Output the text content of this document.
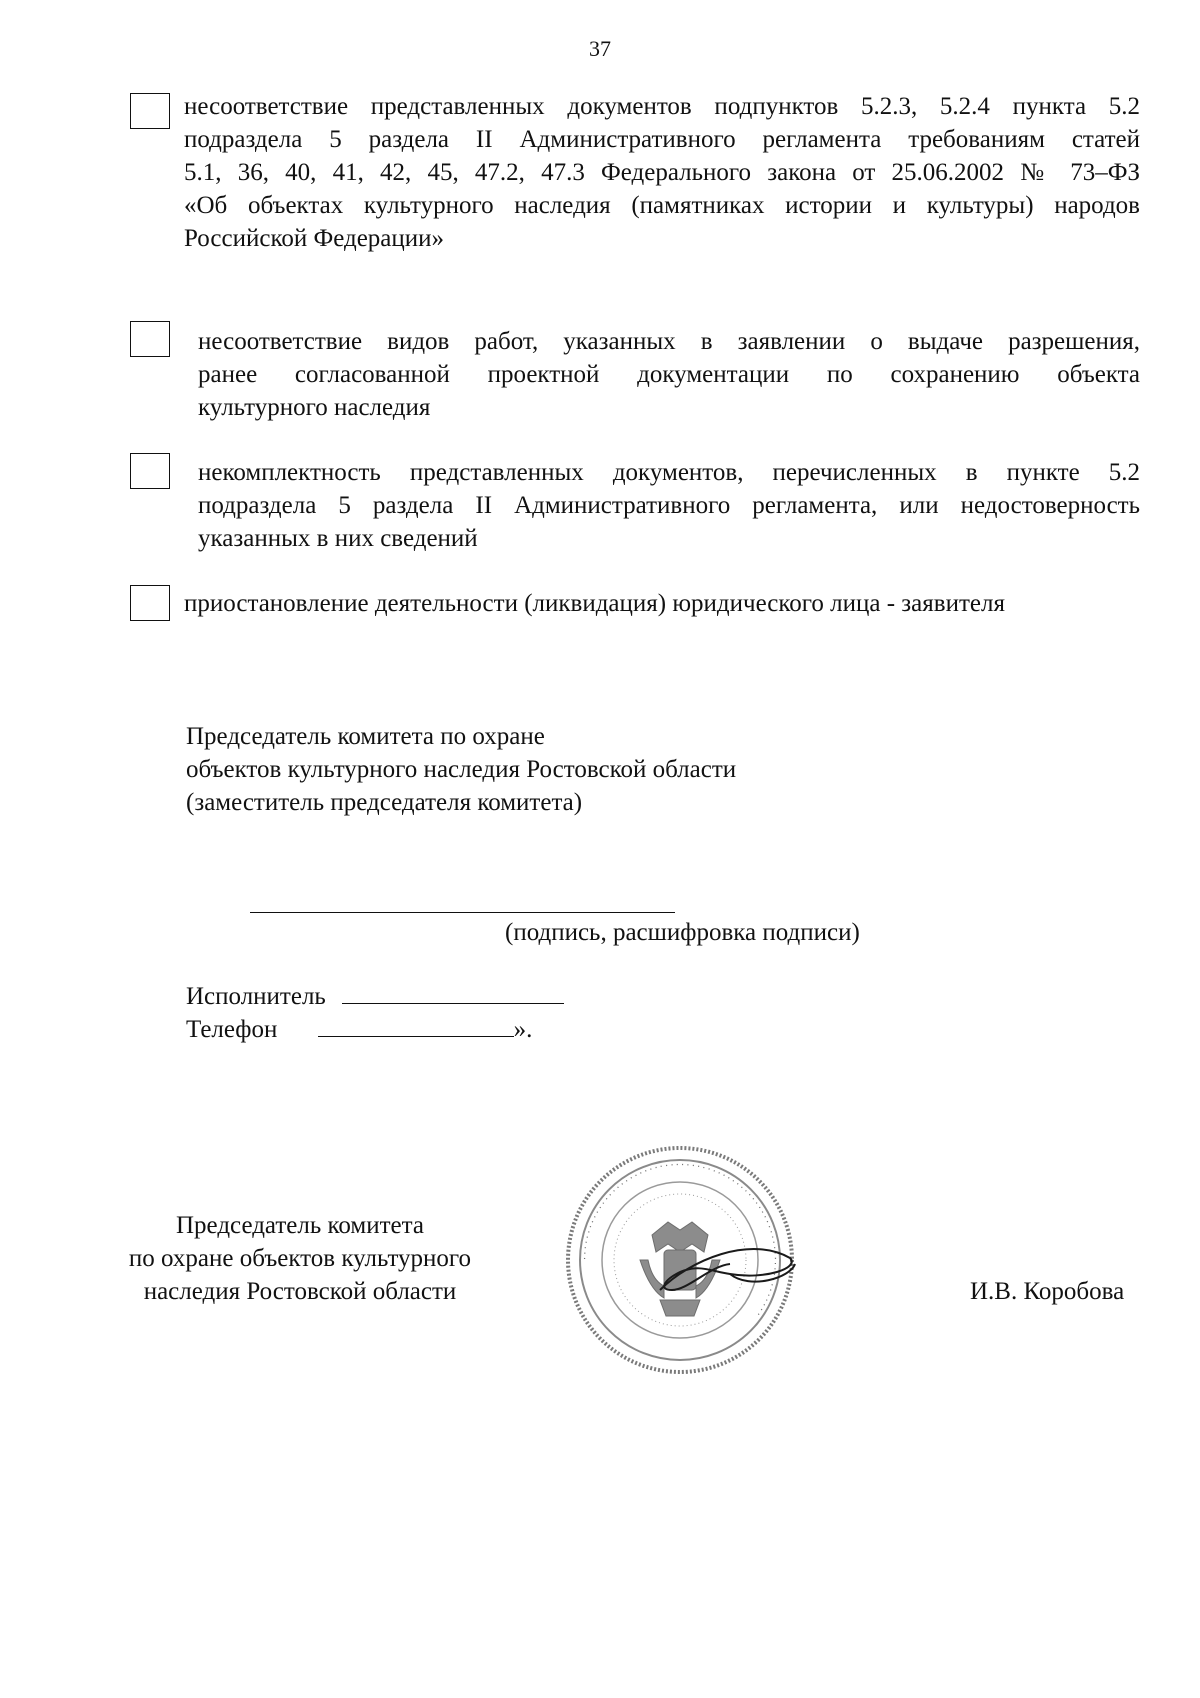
37
несоответствие представленных документов подпунктов 5.2.3, 5.2.4 пункта 5.2
подраздела 5 раздела II Административного регламента требованиям статей
5.1, 36, 40, 41, 42, 45, 47.2, 47.3 Федерального закона от 25.06.2002 № 73–ФЗ
«Об объектах культурного наследия (памятниках истории и культуры) народов
Российской Федерации»
несоответствие видов работ, указанных в заявлении о выдаче разрешения,
ранее согласованной проектной документации по сохранению объекта
культурного наследия
некомплектность представленных документов, перечисленных в пункте 5.2
подраздела 5 раздела II Административного регламента, или недостоверность
указанных в них сведений
приостановление деятельности (ликвидация) юридического лица - заявителя
Председатель комитета по охране
объектов культурного наследия Ростовской области
(заместитель председателя комитета)
(подпись, расшифровка подписи)
Исполнитель
Телефон	».
Председатель комитета
по охране объектов культурного
наследия Ростовской области
···································································
И.В. Коробова
